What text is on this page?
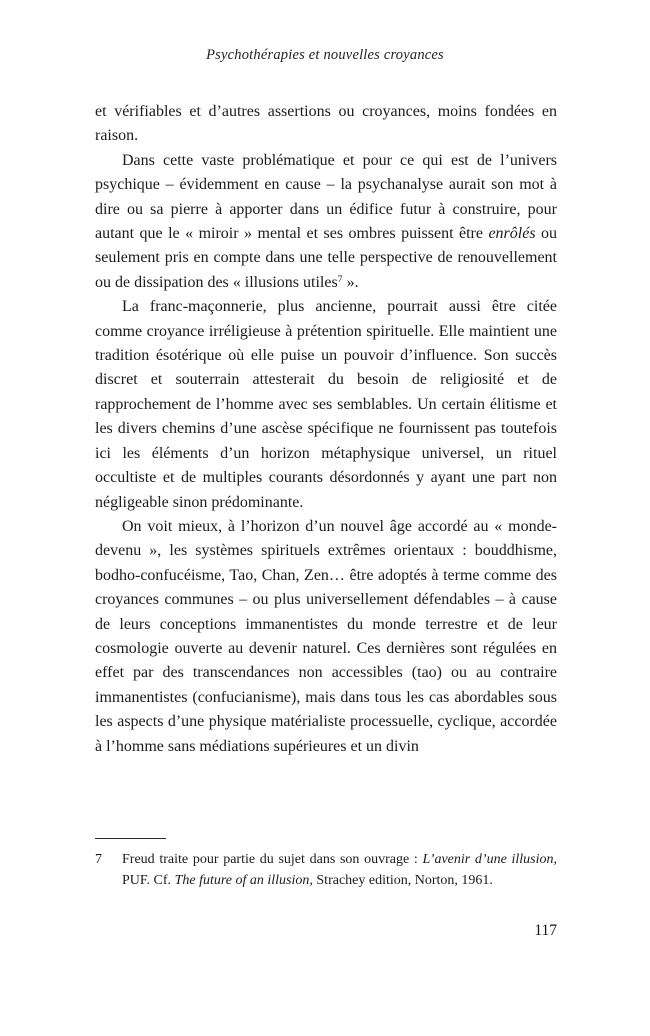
Psychothérapies et nouvelles croyances

et vérifiables et d’autres assertions ou croyances, moins fondées en raison.

Dans cette vaste problématique et pour ce qui est de l’univers psychique – évidemment en cause – la psychanalyse aurait son mot à dire ou sa pierre à apporter dans un édifice futur à construire, pour autant que le « miroir » mental et ses ombres puissent être enrôlés ou seulement pris en compte dans une telle perspective de renouvellement ou de dissipation des « illusions utiles$^7$ ».

La franc-maçonnerie, plus ancienne, pourrait aussi être citée comme croyance irréligieuse à prétention spirituelle. Elle maintient une tradition ésotérique où elle puise un pouvoir d’influence. Son succès discret et souterrain attesterait du besoin de religiosité et de rapprochement de l’homme avec ses semblables. Un certain élitisme et les divers chemins d’une ascèse spécifique ne fournissent pas toutefois ici les éléments d’un horizon métaphysique universel, un rituel occultiste et de multiples courants désordonnés y ayant une part non négligeable sinon prédominante.

On voit mieux, à l’horizon d’un nouvel âge accordé au « monde-devenu », les systèmes spirituels extrêmes orientaux : bouddhisme, bodho-confucéisme, Tao, Chan, Zen… être adoptés à terme comme des croyances communes – ou plus universellement défendables – à cause de leurs conceptions immanentistes du monde terrestre et de leur cosmologie ouverte au devenir naturel. Ces dernières sont régulées en effet par des transcendances non accessibles (tao) ou au contraire immanentistes (confucianisme), mais dans tous les cas abordables sous les aspects d’une physique matérialiste processuelle, cyclique, accordée à l’homme sans médiations supérieures et un divin

7 Freud traite pour partie du sujet dans son ouvrage : L’avenir d’une illusion, PUF. Cf. The future of an illusion, Strachey edition, Norton, 1961.
117
